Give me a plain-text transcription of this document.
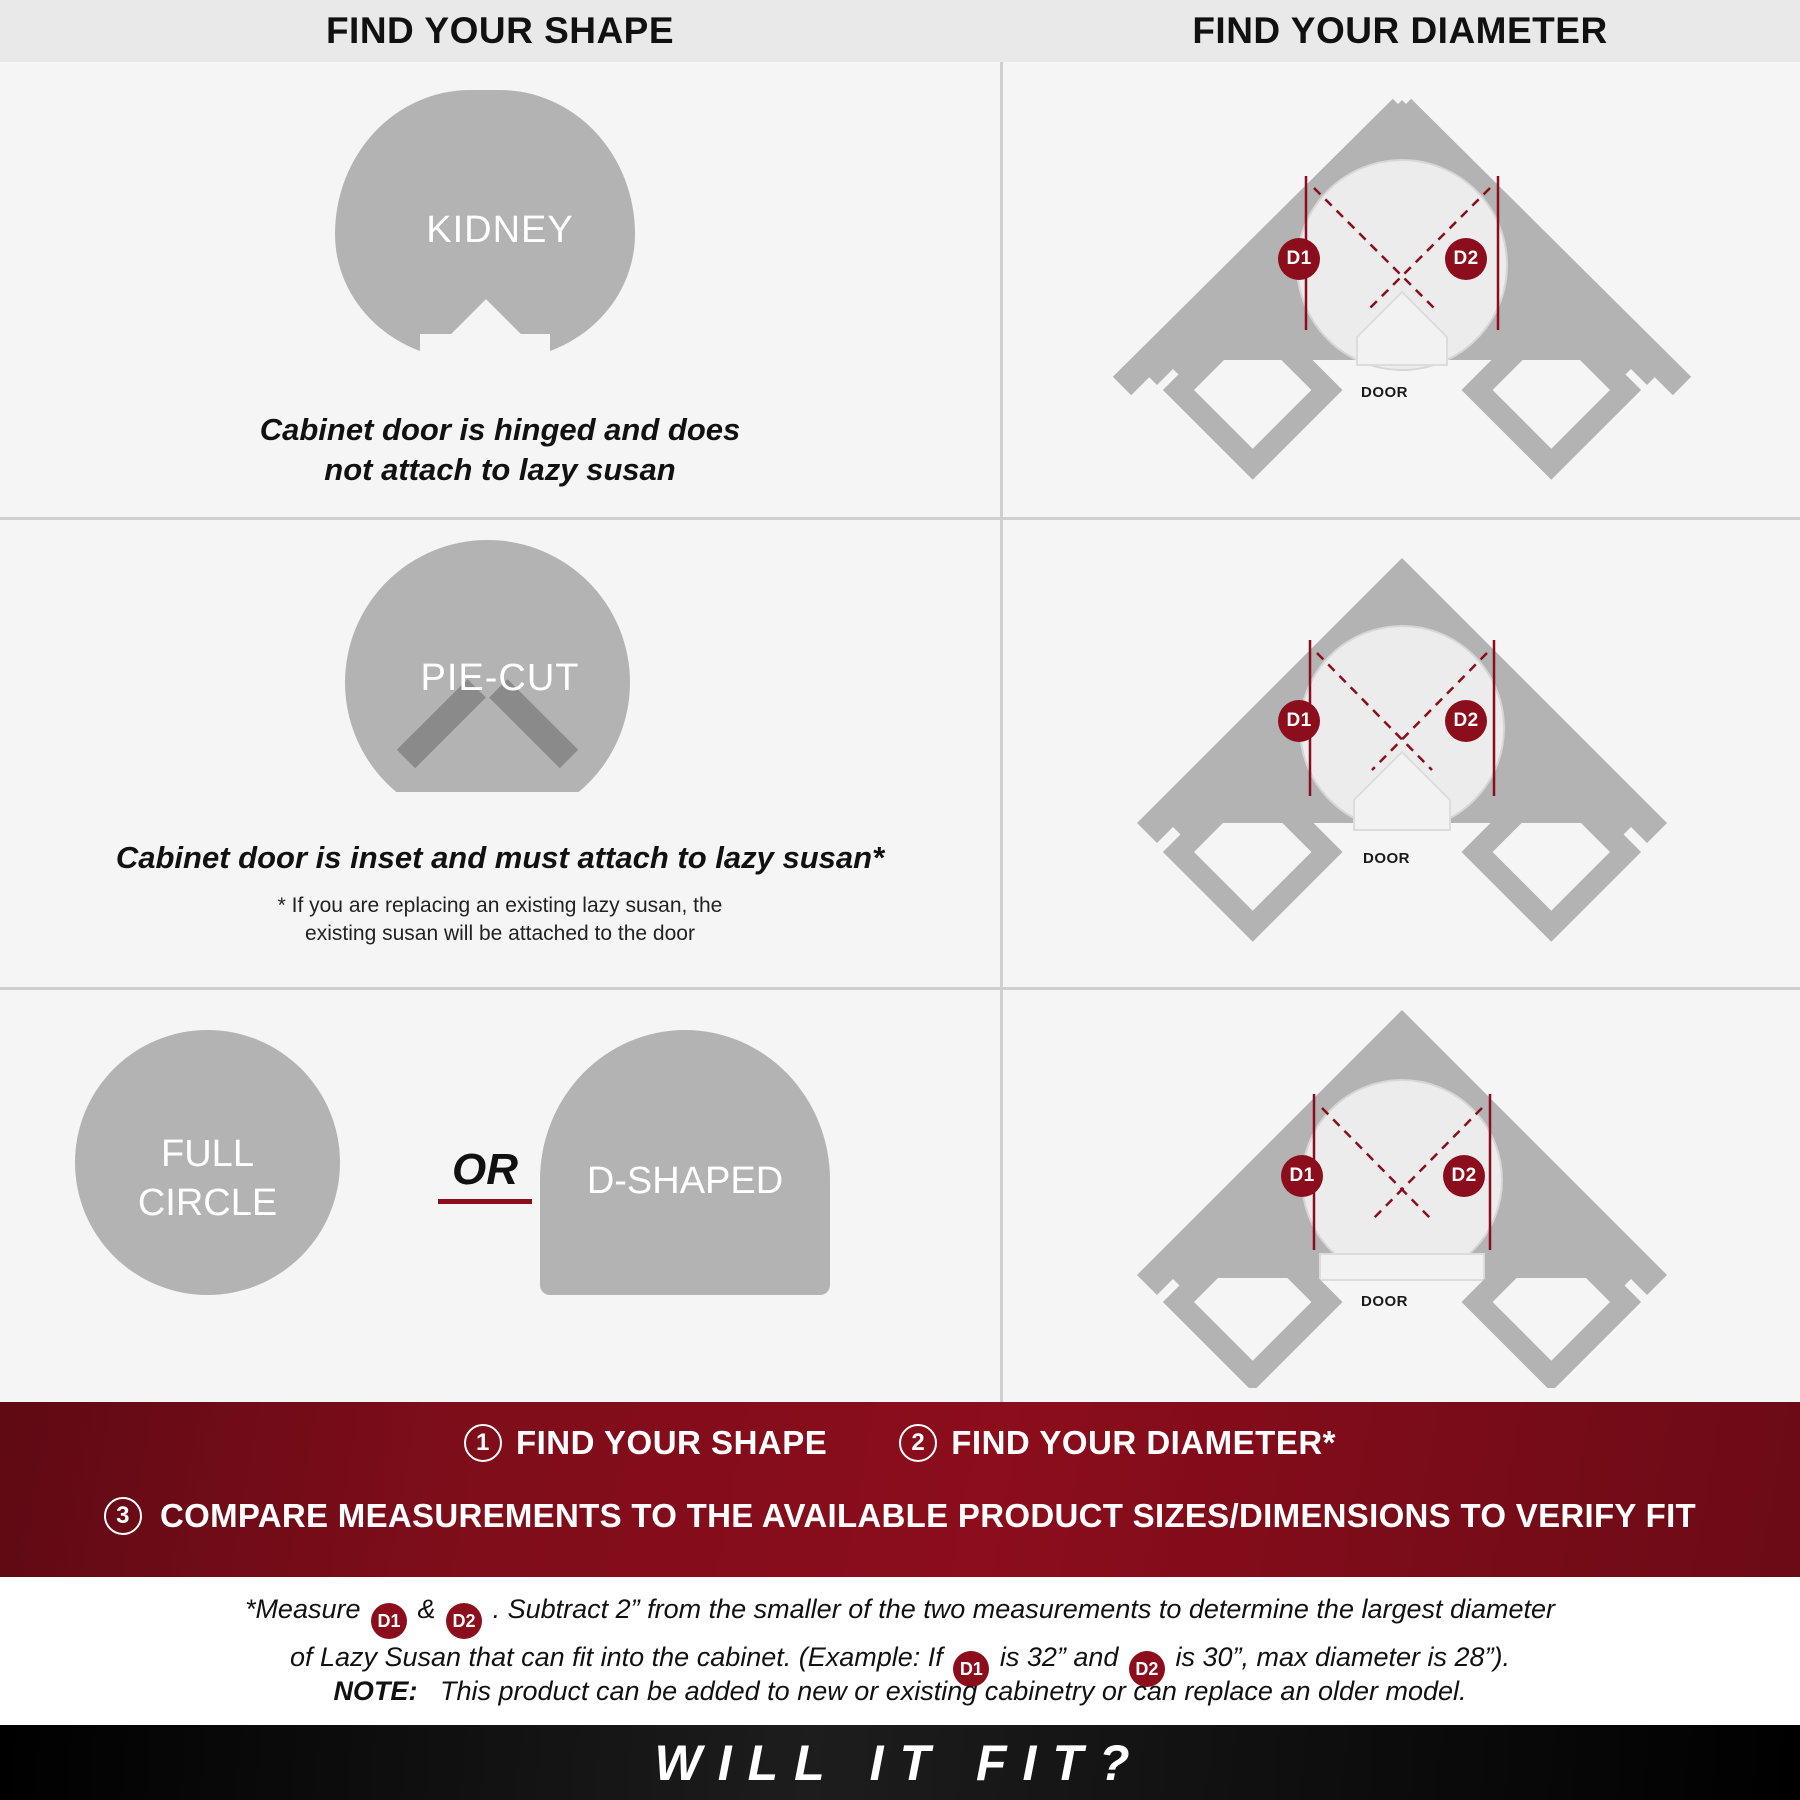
FIND YOUR SHAPE	FIND YOUR DIAMETER
KIDNEY
Cabinet door is hinged and does
not attach to lazy susan
D1	D2
DOOR
PIE-CUT
Cabinet door is inset and must attach to lazy susan*
* If you are replacing an existing lazy susan, the
existing susan will be attached to the door
D1	D2
DOOR
FULL
CIRCLE
OR	D-SHAPED	D1	D2
DOOR
1 FIND YOUR SHAPE	2 FIND YOUR DIAMETER*
3 COMPARE MEASUREMENTS TO THE AVAILABLE PRODUCT SIZES/DIMENSIONS TO VERIFY FIT
*Measure D1 & D2 . Subtract 2” from the smaller of the two measurements to determine the largest diameter
of Lazy Susan that can fit into the cabinet. (Example: If D1 is 32” and D2 is 30”, max diameter is 28”).
NOTE: This product can be added to new or existing cabinetry or can replace an older model.
WILL IT FIT?
